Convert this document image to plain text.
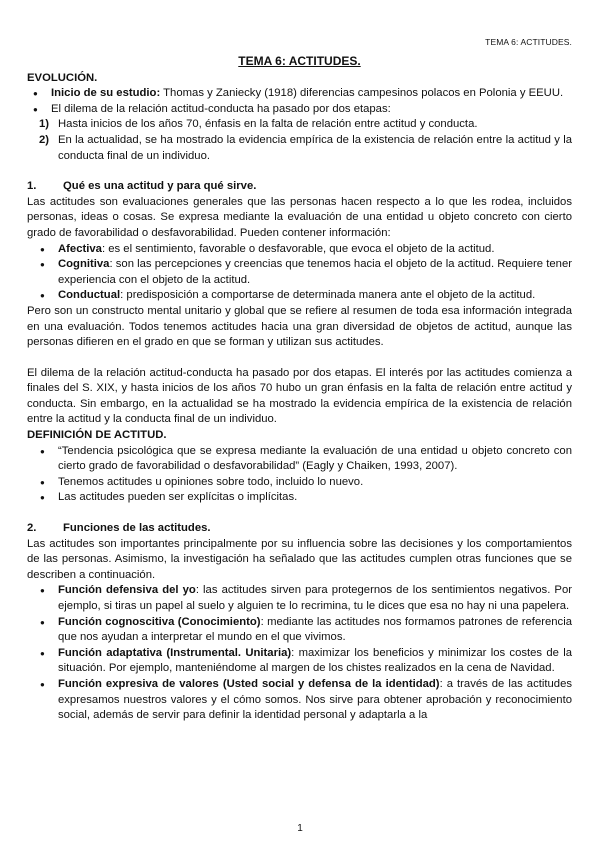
TEMA 6: ACTITUDES.
TEMA 6: ACTITUDES.
EVOLUCIÓN.
● Inicio de su estudio: Thomas y Zaniecky (1918) diferencias campesinos polacos en Polonia y EEUU.
● El dilema de la relación actitud-conducta ha pasado por dos etapas:
1) Hasta inicios de los años 70, énfasis en la falta de relación entre actitud y conducta.
2) En la actualidad, se ha mostrado la evidencia empírica de la existencia de relación entre la actitud y la conducta final de un individuo.
1. Qué es una actitud y para qué sirve.

Las actitudes son evaluaciones generales que las personas hacen respecto a lo que les rodea, incluidos personas, ideas o cosas. Se expresa mediante la evaluación de una entidad u objeto concreto con cierto grado de favorabilidad o desfavorabilidad. Pueden contener información:

● Afectiva: es el sentimiento, favorable o desfavorable, que evoca el objeto de la actitud.
● Cognitiva: son las percepciones y creencias que tenemos hacia el objeto de la actitud. Requiere tener experiencia con el objeto de la actitud.
● Conductual: predisposición a comportarse de determinada manera ante el objeto de la actitud.

Pero son un constructo mental unitario y global que se refiere al resumen de toda esa información integrada en una evaluación. Todos tenemos actitudes hacia una gran diversidad de objetos de actitud, aunque las personas difieren en el grado en que se forman y utilizan sus actitudes.

El dilema de la relación actitud-conducta ha pasado por dos etapas. El interés por las actitudes comienza a finales del S. XIX, y hasta inicios de los años 70 hubo un gran énfasis en la falta de relación entre actitud y conducta. Sin embargo, en la actualidad se ha mostrado la evidencia empírica de la existencia de relación entre la actitud y la conducta final de un individuo.

DEFINICIÓN DE ACTITUD.
● “Tendencia psicológica que se expresa mediante la evaluación de una entidad u objeto concreto con cierto grado de favorabilidad o desfavorabilidad” (Eagly y Chaiken, 1993, 2007).
● Tenemos actitudes u opiniones sobre todo, incluido lo nuevo.
● Las actitudes pueden ser explícitas o implícitas.
2. Funciones de las actitudes.

Las actitudes son importantes principalmente por su influencia sobre las decisiones y los comportamientos de las personas. Asimismo, la investigación ha señalado que las actitudes cumplen otras funciones que se describen a continuación.

● Función defensiva del yo: las actitudes sirven para protegernos de los sentimientos negativos. Por ejemplo, si tiras un papel al suelo y alguien te lo recrimina, tu le dices que esa no hay ni una papelera.
● Función cognoscitiva (Conocimiento): mediante las actitudes nos formamos patrones de referencia que nos ayudan a interpretar el mundo en el que vivimos.
● Función adaptativa (Instrumental. Unitaria): maximizar los beneficios y minimizar los costes de la situación. Por ejemplo, manteniéndome al margen de los chistes realizados en la cena de Navidad.
● Función expresiva de valores (Usted social y defensa de la identidad): a través de las actitudes expresamos nuestros valores y el cómo somos. Nos sirve para obtener aprobación y reconocimiento social, además de servir para definir la identidad personal y adaptarla a la
1
